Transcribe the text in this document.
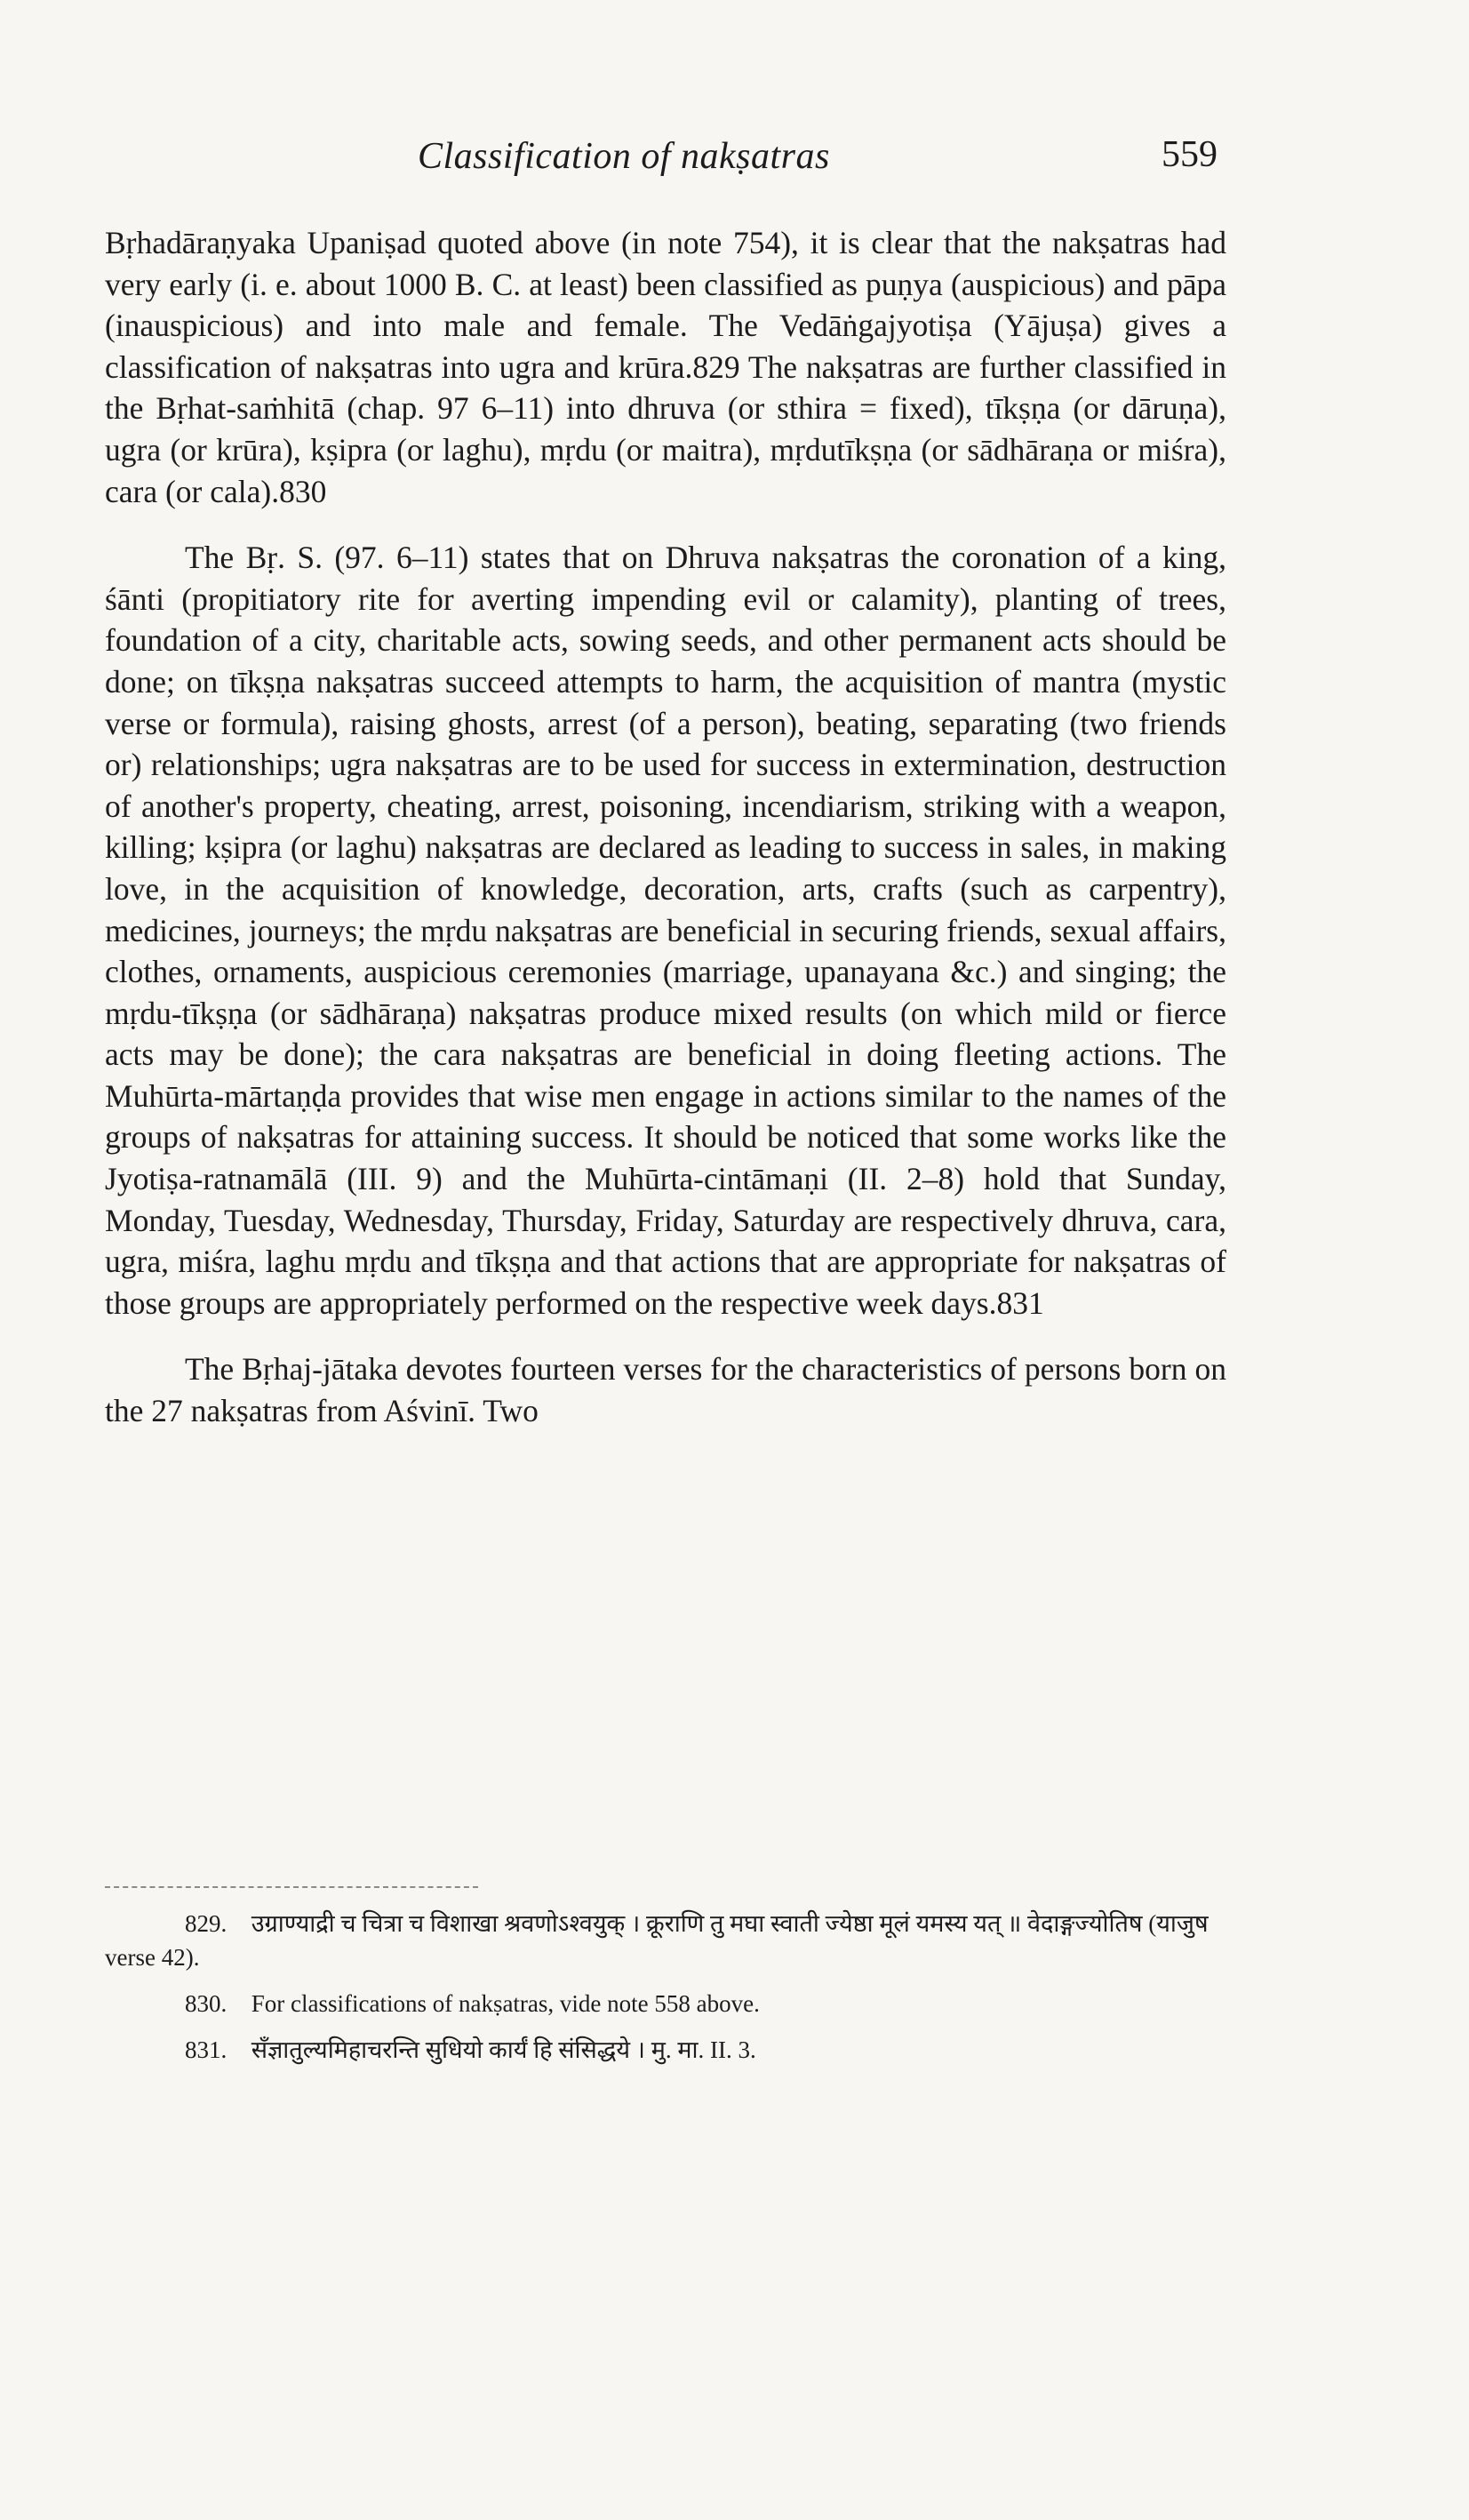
Classification of nakṣatras	559

Bṛhadāraṇyaka Upaniṣad quoted above (in note 754), it is clear that the nakṣatras had very early (i. e. about 1000 B. C. at least) been classified as puṇya (auspicious) and pāpa (inauspicious) and into male and female. The Vedāṅgajyotiṣa (Yājuṣa) gives a classification of nakṣatras into ugra and krūra.829 The nakṣatras are further classified in the Bṛhat-saṁhitā (chap. 97 6–11) into dhruva (or sthira = fixed), tīkṣṇa (or dāruṇa), ugra (or krūra), kṣipra (or laghu), mṛdu (or maitra), mṛdutīkṣṇa (or sādhāraṇa or miśra), cara (or cala).830

The Bṛ. S. (97. 6–11) states that on Dhruva nakṣatras the coronation of a king, śānti (propitiatory rite for averting impending evil or calamity), planting of trees, foundation of a city, charitable acts, sowing seeds, and other permanent acts should be done; on tīkṣṇa nakṣatras succeed attempts to harm, the acquisition of mantra (mystic verse or formula), raising ghosts, arrest (of a person), beating, separating (two friends or) relationships; ugra nakṣatras are to be used for success in extermination, destruction of another's property, cheating, arrest, poisoning, incendiarism, striking with a weapon, killing; kṣipra (or laghu) nakṣatras are declared as leading to success in sales, in making love, in the acquisition of knowledge, decoration, arts, crafts (such as carpentry), medicines, journeys; the mṛdu nakṣatras are beneficial in securing friends, sexual affairs, clothes, ornaments, auspicious ceremonies (marriage, upanayana &c.) and singing; the mṛdu-tīkṣṇa (or sādhāraṇa) nakṣatras produce mixed results (on which mild or fierce acts may be done); the cara nakṣatras are beneficial in doing fleeting actions. The Muhūrta-mārtaṇḍa provides that wise men engage in actions similar to the names of the groups of nakṣatras for attaining success. It should be noticed that some works like the Jyotiṣa-ratnamālā (III. 9) and the Muhūrta-cintāmaṇi (II. 2–8) hold that Sunday, Monday, Tuesday, Wednesday, Thursday, Friday, Saturday are respectively dhruva, cara, ugra, miśra, laghu mṛdu and tīkṣṇa and that actions that are appropriate for nakṣatras of those groups are appropriately performed on the respective week days.831

The Bṛhaj-jātaka devotes fourteen verses for the characteristics of persons born on the 27 nakṣatras from Aśvinī. Two

829. उग्राण्याद्री च चित्रा च विशाखा श्रवणोऽश्वयुक् । क्रूराणि तु मघा स्वाती ज्येष्ठा मूलं यमस्य यत् ॥ वेदाङ्गज्योतिष (याजुष verse 42).
830. For classifications of nakṣatras, vide note 558 above.
831. सँज्ञातुल्यमिहाचरन्ति सुधियो कार्यं हि संसिद्धये । मु. मा. II. 3.
